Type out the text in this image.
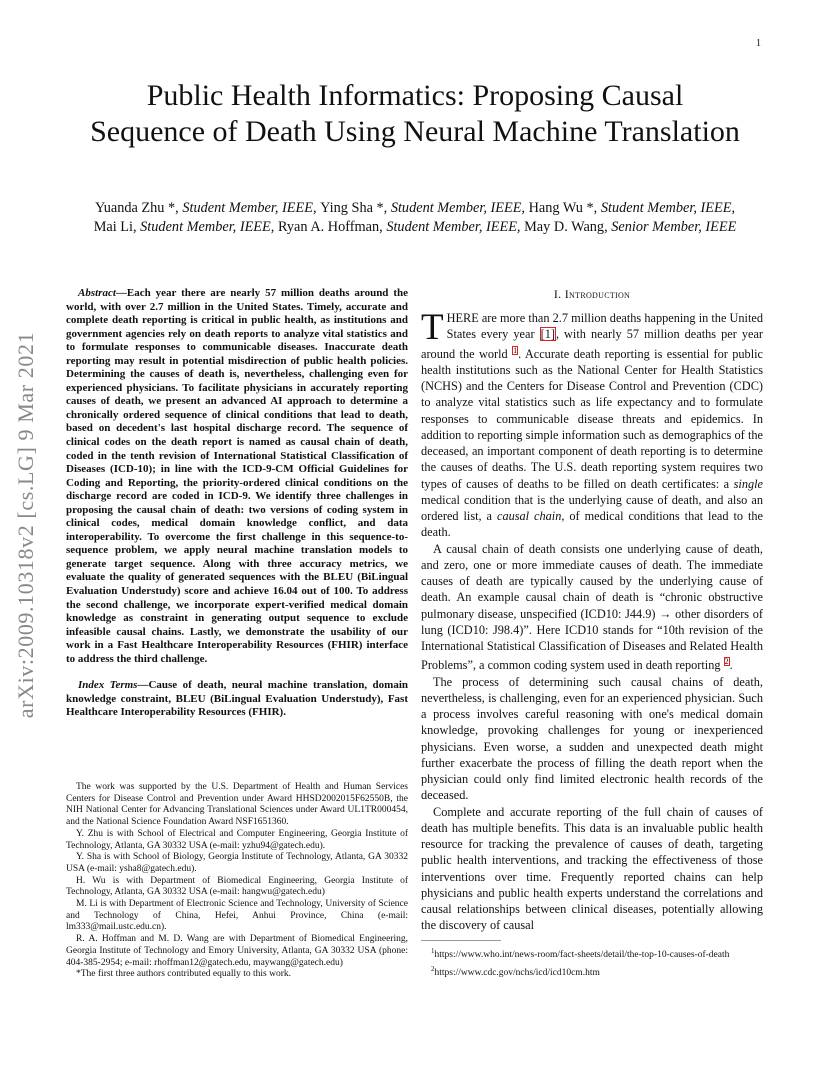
1
arXiv:2009.10318v2 [cs.LG] 9 Mar 2021
Public Health Informatics: Proposing Causal Sequence of Death Using Neural Machine Translation
Yuanda Zhu *, Student Member, IEEE, Ying Sha *, Student Member, IEEE, Hang Wu *, Student Member, IEEE,
Mai Li, Student Member, IEEE, Ryan A. Hoffman, Student Member, IEEE, May D. Wang, Senior Member, IEEE

Abstract—Each year there are nearly 57 million deaths around the world, with over 2.7 million in the United States. Timely, accurate and complete death reporting is critical in public health, as institutions and government agencies rely on death reports to analyze vital statistics and to formulate responses to communicable diseases. Inaccurate death reporting may result in potential misdirection of public health policies. Determining the causes of death is, nevertheless, challenging even for experienced physicians. To facilitate physicians in accurately reporting causes of death, we present an advanced AI approach to determine a chronically ordered sequence of clinical conditions that lead to death, based on decedent's last hospital discharge record. The sequence of clinical codes on the death report is named as causal chain of death, coded in the tenth revision of International Statistical Classification of Diseases (ICD-10); in line with the ICD-9-CM Official Guidelines for Coding and Reporting, the priority-ordered clinical conditions on the discharge record are coded in ICD-9. We identify three challenges in proposing the causal chain of death: two versions of coding system in clinical codes, medical domain knowledge conflict, and data interoperability. To overcome the first challenge in this sequence-to-sequence problem, we apply neural machine translation models to generate target sequence. Along with three accuracy metrics, we evaluate the quality of generated sequences with the BLEU (BiLingual Evaluation Understudy) score and achieve 16.04 out of 100. To address the second challenge, we incorporate expert-verified medical domain knowledge as constraint in generating output sequence to exclude infeasible causal chains. Lastly, we demonstrate the usability of our work in a Fast Healthcare Interoperability Resources (FHIR) interface to address the third challenge.

Index Terms—Cause of death, neural machine translation, domain knowledge constraint, BLEU (BiLingual Evaluation Understudy), Fast Healthcare Interoperability Resources (FHIR).

The work was supported by the U.S. Department of Health and Human Services Centers for Disease Control and Prevention under Award HHSD2002015F62550B, the NIH National Center for Advancing Translational Sciences under Award UL1TR000454, and the National Science Foundation Award NSF1651360.

Y. Zhu is with School of Electrical and Computer Engineering, Georgia Institute of Technology, Atlanta, GA 30332 USA (e-mail: yzhu94@gatech.edu).

Y. Sha is with School of Biology, Georgia Institute of Technology, Atlanta, GA 30332 USA (e-mail: ysha8@gatech.edu).

H. Wu is with Department of Biomedical Engineering, Georgia Institute of Technology, Atlanta, GA 30332 USA (e-mail: hangwu@gatech.edu)

M. Li is with Department of Electronic Science and Technology, University of Science and Technology of China, Hefei, Anhui Province, China (e-mail: lm333@mail.ustc.edu.cn).

R. A. Hoffman and M. D. Wang are with Department of Biomedical Engineering, Georgia Institute of Technology and Emory University, Atlanta, GA 30332 USA (phone: 404-385-2954; e-mail: rhoffman12@gatech.edu, maywang@gatech.edu)

*The first three authors contributed equally to this work.

I. Introduction

THERE are more than 2.7 million deaths happening in the United States every year [1], with nearly 57 million deaths per year around the world $^1$. Accurate death reporting is essential for public health institutions such as the National Center for Health Statistics (NCHS) and the Centers for Disease Control and Prevention (CDC) to analyze vital statistics such as life expectancy and to formulate responses to communicable disease threats and epidemics. In addition to reporting simple information such as demographics of the deceased, an important component of death reporting is to determine the causes of deaths. The U.S. death reporting system requires two types of causes of deaths to be filled on death certificates: a single medical condition that is the underlying cause of death, and also an ordered list, a causal chain, of medical conditions that lead to the death.

A causal chain of death consists one underlying cause of death, and zero, one or more immediate causes of death. The immediate causes of death are typically caused by the underlying cause of death. An example causal chain of death is “chronic obstructive pulmonary disease, unspecified (ICD10: J44.9) → other disorders of lung (ICD10: J98.4)”. Here ICD10 stands for “10th revision of the International Statistical Classification of Diseases and Related Health Problems”, a common coding system used in death reporting $^2$.

The process of determining such causal chains of death, nevertheless, is challenging, even for an experienced physician. Such a process involves careful reasoning with one's medical domain knowledge, provoking challenges for young or inexperienced physicians. Even worse, a sudden and unexpected death might further exacerbate the process of filling the death report when the physician could only find limited electronic health records of the deceased.

Complete and accurate reporting of the full chain of causes of death has multiple benefits. This data is an invaluable public health resource for tracking the prevalence of causes of death, targeting public health interventions, and tracking the effectiveness of those interventions over time. Frequently reported chains can help physicians and public health experts understand the correlations and causal relationships between clinical diseases, potentially allowing the discovery of causal

$^1$https://www.who.int/news-room/fact-sheets/detail/the-top-10-causes-of-death

$^2$https://www.cdc.gov/nchs/icd/icd10cm.htm
